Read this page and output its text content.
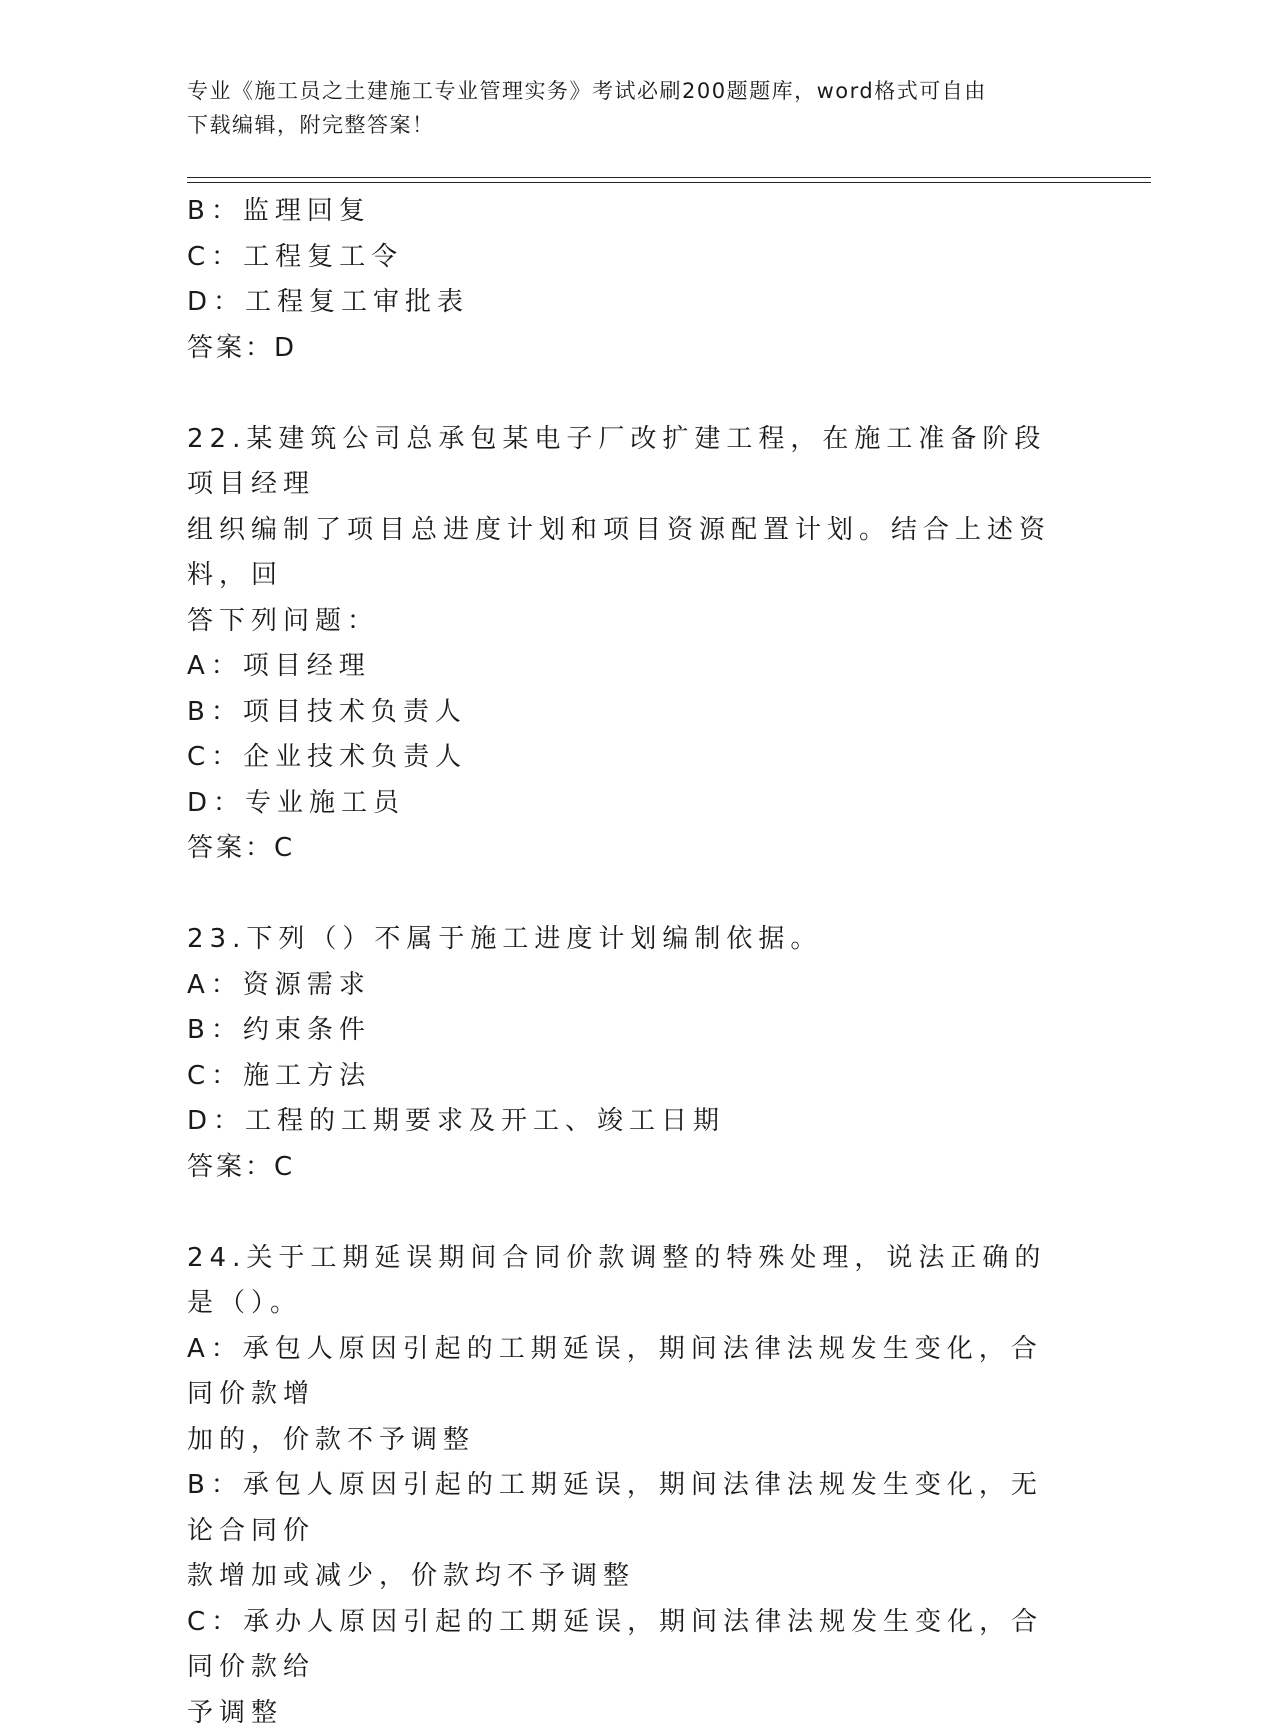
专业《施工员之土建施工专业管理实务》考试必刷200题题库，word格式可自由

下载编辑，附完整答案！

B：监理回复

C：工程复工令

D：工程复工审批表

答案：D

22.某建筑公司总承包某电子厂改扩建工程，在施工准备阶段项目经理

组织编制了项目总进度计划和项目资源配置计划。结合上述资料，回

答下列问题：

A：项目经理

B：项目技术负责人

C：企业技术负责人

D：专业施工员

答案：C

23.下列（）不属于施工进度计划编制依据。

A：资源需求

B：约束条件

C：施工方法

D：工程的工期要求及开工、竣工日期

答案：C

24.关于工期延误期间合同价款调整的特殊处理，说法正确的是（）。

A：承包人原因引起的工期延误，期间法律法规发生变化，合同价款增

加的，价款不予调整

B：承包人原因引起的工期延误，期间法律法规发生变化，无论合同价

款增加或减少，价款均不予调整

C：承办人原因引起的工期延误，期间法律法规发生变化，合同价款给

予调整
